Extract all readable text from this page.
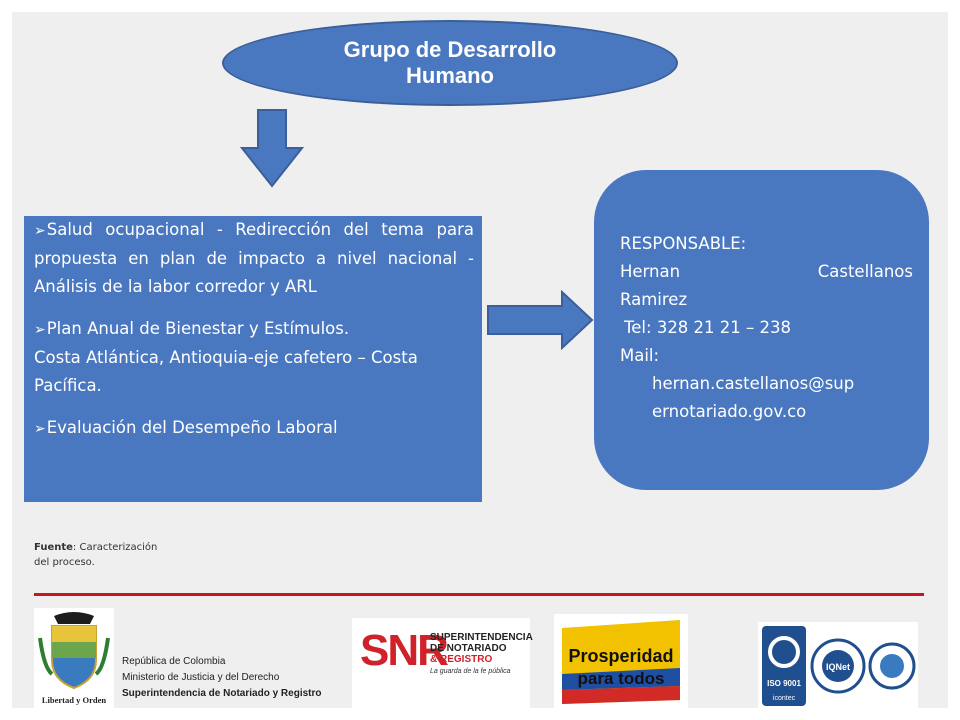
Grupo de Desarrollo
Humano

➢Salud ocupacional - Redirección del tema para propuesta en plan de impacto a nivel nacional - Análisis de la labor corredor y ARL

➢Plan Anual de Bienestar y Estímulos.

Costa Atlántica, Antioquia-eje cafetero – Costa Pacífica.

➢Evaluación del Desempeño Laboral

RESPONSABLE:
Hernan	Castellanos
Ramirez
Tel: 328 21 21 – 238
Mail:
hernan.castellanos@sup
ernotariado.gov.co
Fuente: Caracterización
del proceso.
Libertad y Orden
República de Colombia
Ministerio de Justicia y del Derecho
Superintendencia de Notariado y Registro
SNR
SUPERINTENDENCIA DE NOTARIADO
& REGISTRO
La guarda de la fe pública
Prosperidad
para todos	ISO 9001
icontec
IQNet
